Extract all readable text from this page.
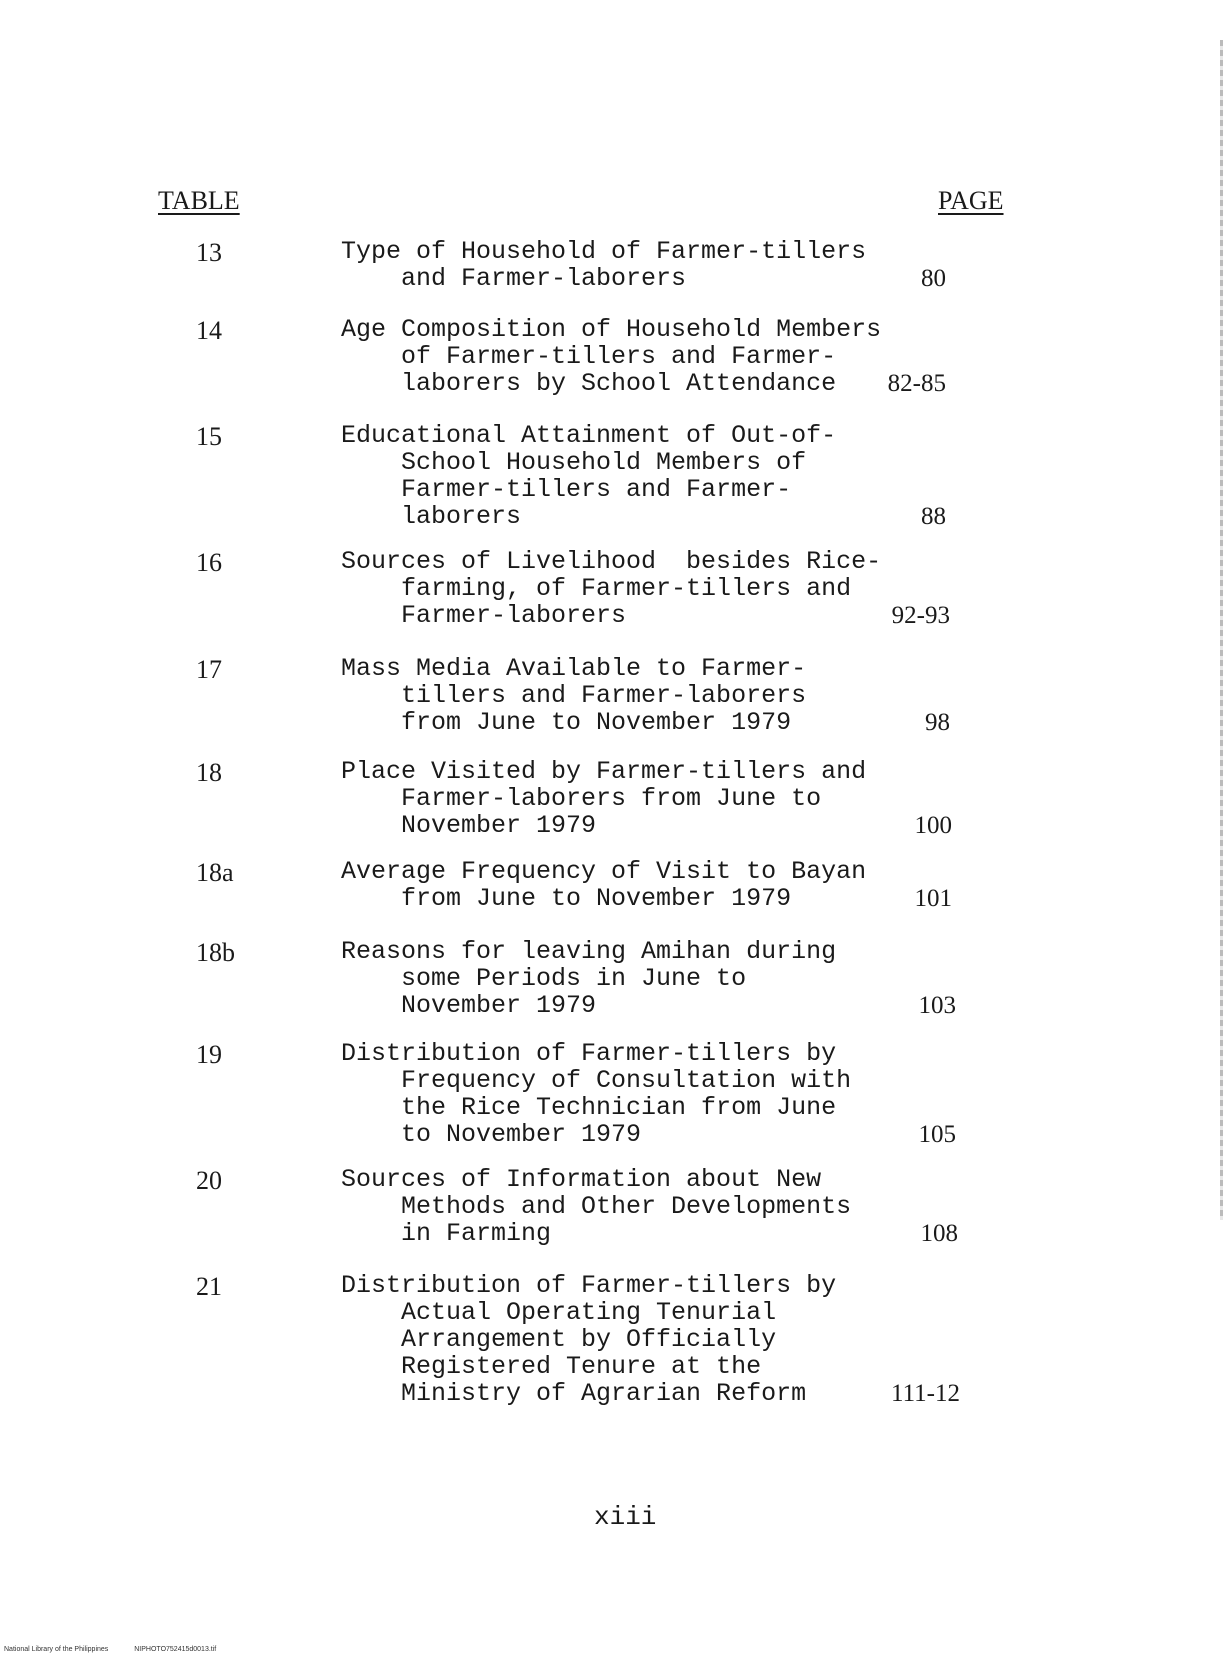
TABLE	PAGE
13	Type of Household of Farmer-tillers
and Farmer-laborers	80
14	Age Composition of Household Members
of Farmer-tillers and Farmer-
laborers by School Attendance	82-85
15	Educational Attainment of Out-of-
School Household Members of
Farmer-tillers and Farmer-
laborers	88
16	Sources of Livelihood  besides Rice-
farming, of Farmer-tillers and
Farmer-laborers	92-93
17	Mass Media Available to Farmer-
tillers and Farmer-laborers
from June to November 1979	98
18	Place Visited by Farmer-tillers and
Farmer-laborers from June to
November 1979	100
18a	Average Frequency of Visit to Bayan
from June to November 1979	101
18b	Reasons for leaving Amihan during
some Periods in June to
November 1979	103
19	Distribution of Farmer-tillers by
Frequency of Consultation with
the Rice Technician from June
to November 1979	105
20	Sources of Information about New
Methods and Other Developments
in Farming	108
21	Distribution of Farmer-tillers by
Actual Operating Tenurial
Arrangement by Officially
Registered Tenure at the
Ministry of Agrarian Reform	111-12
xiii
National Library of the Philippines	NIPHOTO752415d0013.tif
